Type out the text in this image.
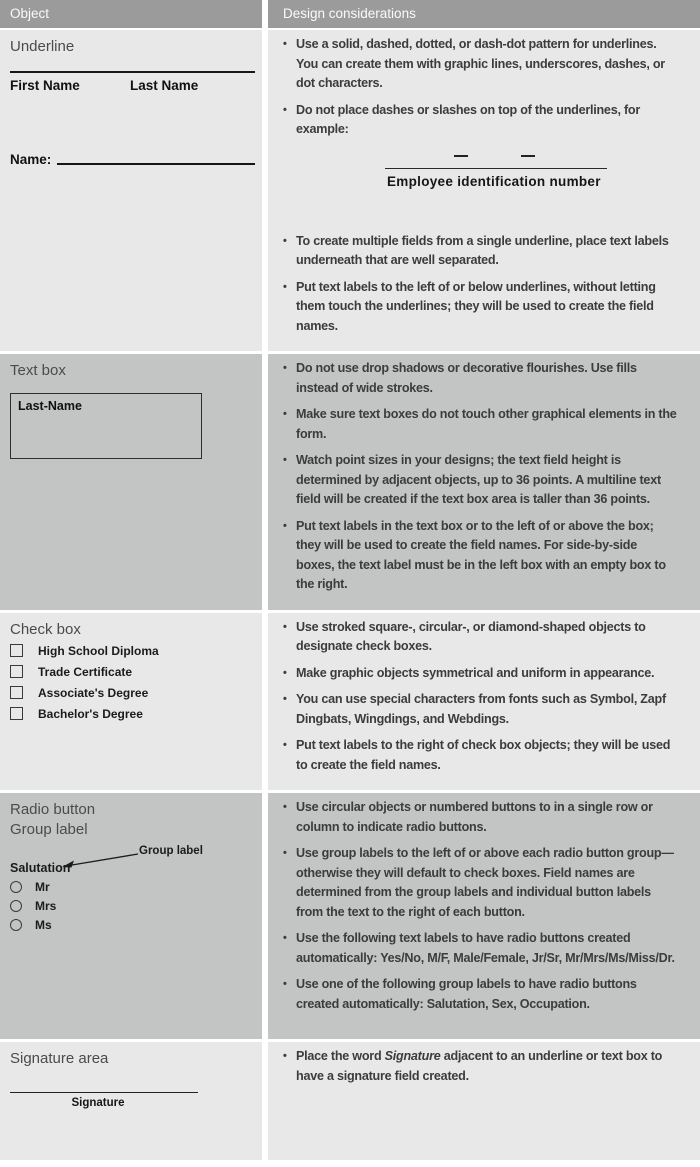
Object	Design considerations
Underline
First Name	Last Name
Name:
• Use a solid, dashed, dotted, or dash-dot pattern for underlines. You can create them with graphic lines, underscores, dashes, or dot characters.
• Do not place dashes or slashes on top of the underlines, for example:
Employee identification number
• To create multiple fields from a single underline, place text labels underneath that are well separated.
• Put text labels to the left of or below underlines, without letting them touch the underlines; they will be used to create the field names.
Text box
Last-Name
• Do not use drop shadows or decorative flourishes. Use fills instead of wide strokes.
• Make sure text boxes do not touch other graphical elements in the form.
• Watch point sizes in your designs; the text field height is determined by adjacent objects, up to 36 points. A multiline text field will be created if the text box area is taller than 36 points.
• Put text labels in the text box or to the left of or above the box; they will be used to create the field names. For side-by-side boxes, the text label must be in the left box with an empty box to the right.
Check box
High School Diploma
Trade Certificate
Associate's Degree
Bachelor's Degree
• Use stroked square-, circular-, or diamond-shaped objects to designate check boxes.
• Make graphic objects symmetrical and uniform in appearance.
• You can use special characters from fonts such as Symbol, Zapf Dingbats, Wingdings, and Webdings.
• Put text labels to the right of check box objects; they will be used to create the field names.
Radio button
Group label
Group label
Salutation
Mr
Mrs
Ms
• Use circular objects or numbered buttons to in a single row or column to indicate radio buttons.
• Use group labels to the left of or above each radio button group—otherwise they will default to check boxes. Field names are determined from the group labels and individual button labels from the text to the right of each button.
• Use the following text labels to have radio buttons created automatically: Yes/No, M/F, Male/Female, Jr/Sr, Mr/Mrs/Ms/Miss/Dr.
• Use one of the following group labels to have radio buttons created automatically: Salutation, Sex, Occupation.
Signature area
Signature
• Place the word Signature adjacent to an underline or text box to have a signature field created.
